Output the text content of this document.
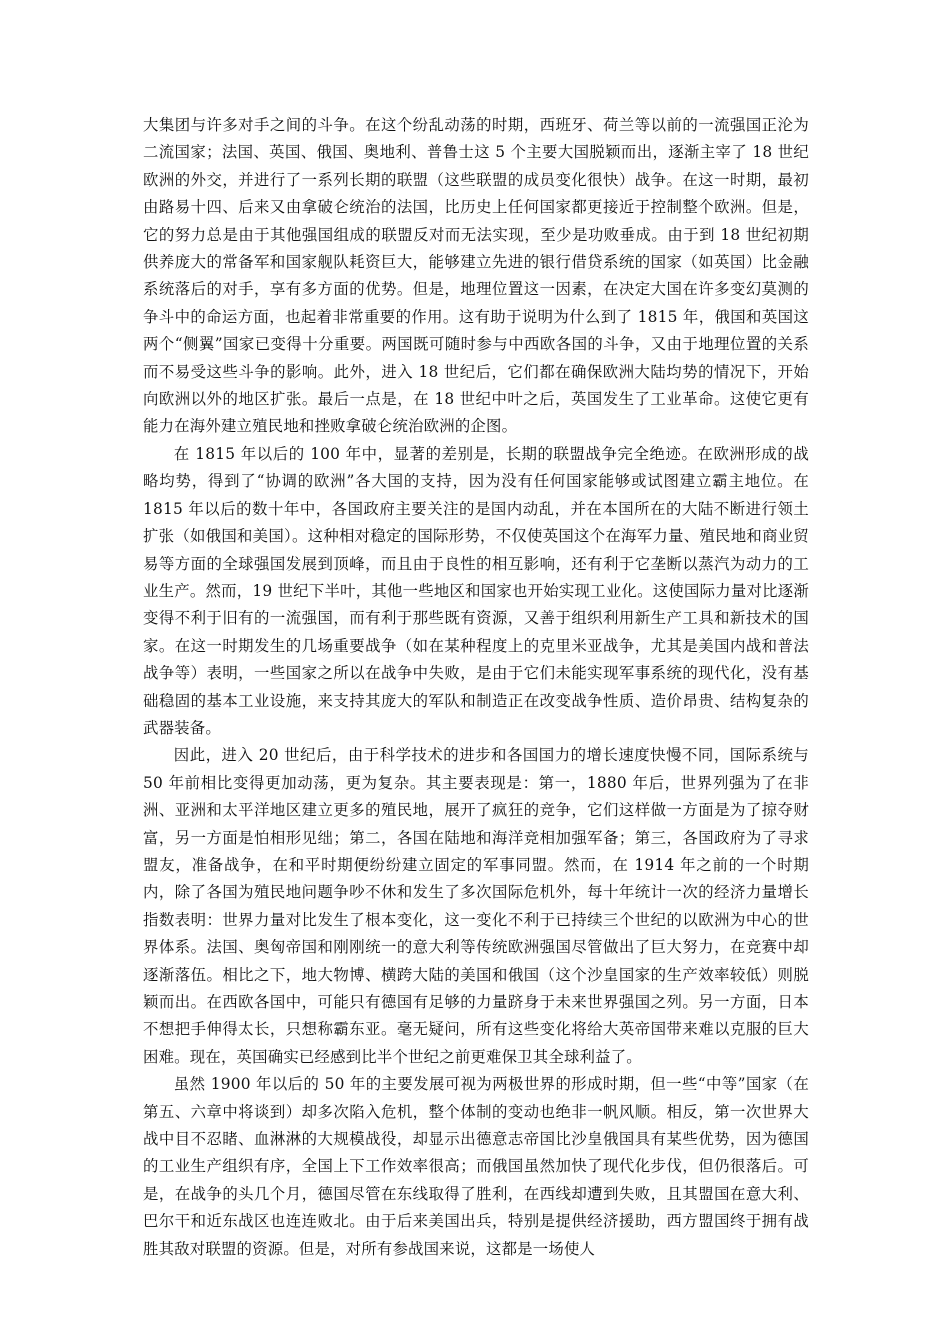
大集团与许多对手之间的斗争。在这个纷乱动荡的时期，西班牙、荷兰等以前的一流强国正沦为二流国家；法国、英国、俄国、奥地利、普鲁士这 5 个主要大国脱颖而出，逐渐主宰了 18 世纪欧洲的外交，并进行了一系列长期的联盟（这些联盟的成员变化很快）战争。在这一时期，最初由路易十四、后来又由拿破仑统治的法国，比历史上任何国家都更接近于控制整个欧洲。但是，它的努力总是由于其他强国组成的联盟反对而无法实现，至少是功败垂成。由于到 18 世纪初期供养庞大的常备军和国家舰队耗资巨大，能够建立先进的银行借贷系统的国家（如英国）比金融系统落后的对手，享有多方面的优势。但是，地理位置这一因素，在决定大国在许多变幻莫测的争斗中的命运方面，也起着非常重要的作用。这有助于说明为什么到了 1815 年，俄国和英国这两个“侧翼”国家已变得十分重要。两国既可随时参与中西欧各国的斗争，又由于地理位置的关系而不易受这些斗争的影响。此外，进入 18 世纪后，它们都在确保欧洲大陆均势的情况下，开始向欧洲以外的地区扩张。最后一点是，在 18 世纪中叶之后，英国发生了工业革命。这使它更有能力在海外建立殖民地和挫败拿破仑统治欧洲的企图。

在 1815 年以后的 100 年中，显著的差别是，长期的联盟战争完全绝迹。在欧洲形成的战略均势，得到了“协调的欧洲”各大国的支持，因为没有任何国家能够或试图建立霸主地位。在 1815 年以后的数十年中，各国政府主要关注的是国内动乱，并在本国所在的大陆不断进行领土扩张（如俄国和美国）。这种相对稳定的国际形势，不仅使英国这个在海军力量、殖民地和商业贸易等方面的全球强国发展到顶峰，而且由于良性的相互影响，还有利于它垄断以蒸汽为动力的工业生产。然而，19 世纪下半叶，其他一些地区和国家也开始实现工业化。这使国际力量对比逐渐变得不利于旧有的一流强国，而有利于那些既有资源，又善于组织利用新生产工具和新技术的国家。在这一时期发生的几场重要战争（如在某种程度上的克里米亚战争，尤其是美国内战和普法战争等）表明，一些国家之所以在战争中失败，是由于它们未能实现军事系统的现代化，没有基础稳固的基本工业设施，来支持其庞大的军队和制造正在改变战争性质、造价昂贵、结构复杂的武器装备。

因此，进入 20 世纪后，由于科学技术的进步和各国国力的增长速度快慢不同，国际系统与 50 年前相比变得更加动荡，更为复杂。其主要表现是：第一，1880 年后，世界列强为了在非洲、亚洲和太平洋地区建立更多的殖民地，展开了疯狂的竞争，它们这样做一方面是为了掠夺财富，另一方面是怕相形见绌；第二，各国在陆地和海洋竞相加强军备；第三，各国政府为了寻求盟友，准备战争，在和平时期便纷纷建立固定的军事同盟。然而，在 1914 年之前的一个时期内，除了各国为殖民地问题争吵不休和发生了多次国际危机外，每十年统计一次的经济力量增长指数表明：世界力量对比发生了根本变化，这一变化不利于已持续三个世纪的以欧洲为中心的世界体系。法国、奥匈帝国和刚刚统一的意大利等传统欧洲强国尽管做出了巨大努力，在竞赛中却逐渐落伍。相比之下，地大物博、横跨大陆的美国和俄国（这个沙皇国家的生产效率较低）则脱颖而出。在西欧各国中，可能只有德国有足够的力量跻身于未来世界强国之列。另一方面，日本不想把手伸得太长，只想称霸东亚。毫无疑问，所有这些变化将给大英帝国带来难以克服的巨大困难。现在，英国确实已经感到比半个世纪之前更难保卫其全球利益了。

虽然 1900 年以后的 50 年的主要发展可视为两极世界的形成时期，但一些“中等”国家（在第五、六章中将谈到）却多次陷入危机，整个体制的变动也绝非一帆风顺。相反，第一次世界大战中目不忍睹、血淋淋的大规模战役，却显示出德意志帝国比沙皇俄国具有某些优势，因为德国的工业生产组织有序，全国上下工作效率很高；而俄国虽然加快了现代化步伐，但仍很落后。可是，在战争的头几个月，德国尽管在东线取得了胜利，在西线却遭到失败，且其盟国在意大利、巴尔干和近东战区也连连败北。由于后来美国出兵，特别是提供经济援助，西方盟国终于拥有战胜其敌对联盟的资源。但是，对所有参战国来说，这都是一场使人
